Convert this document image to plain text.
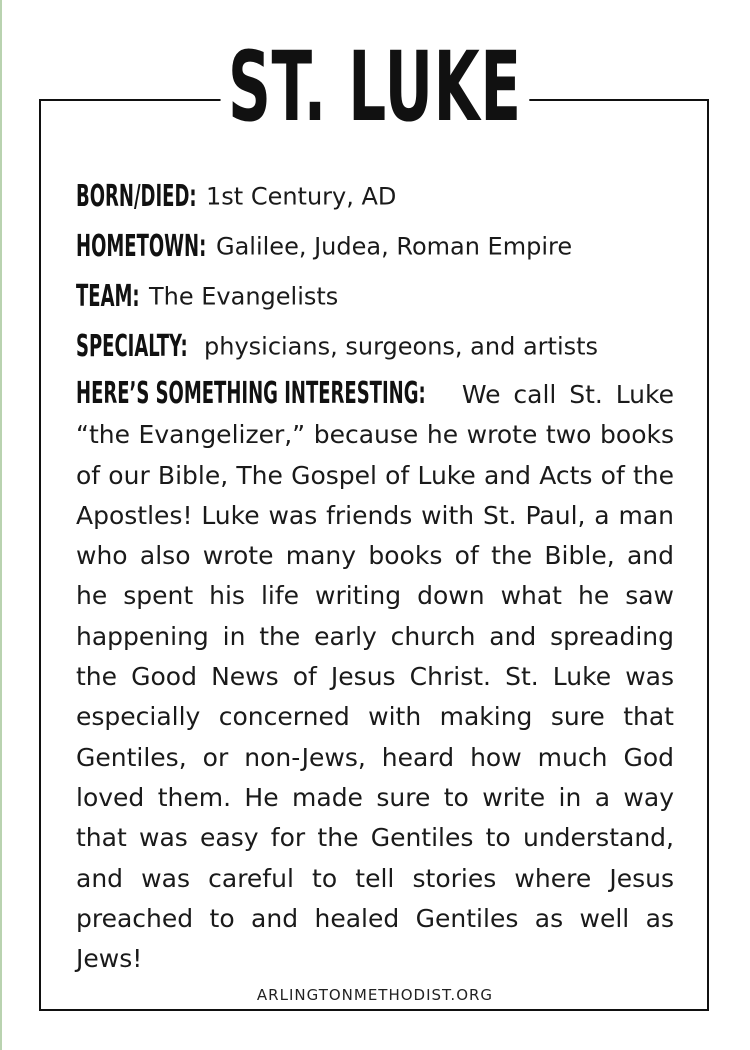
ST. LUKE
BORN/DIED: 1st Century, AD
HOMETOWN: Galilee, Judea, Roman Empire
TEAM: The Evangelists
SPECIALTY: physicians, surgeons, and artists
HERE’S SOMETHING INTERESTING: We call St. Luke “the Evangelizer,” because he wrote two books of our Bible, The Gospel of Luke and Acts of the Apostles! Luke was friends with St. Paul, a man who also wrote many books of the Bible, and he spent his life writing down what he saw happening in the early church and spreading the Good News of Jesus Christ. St. Luke was especially concerned with making sure that Gentiles, or non-Jews, heard how much God loved them. He made sure to write in a way that was easy for the Gentiles to understand, and was careful to tell stories where Jesus preached to and healed Gentiles as well as Jews!
ARLINGTONMETHODIST.ORG
